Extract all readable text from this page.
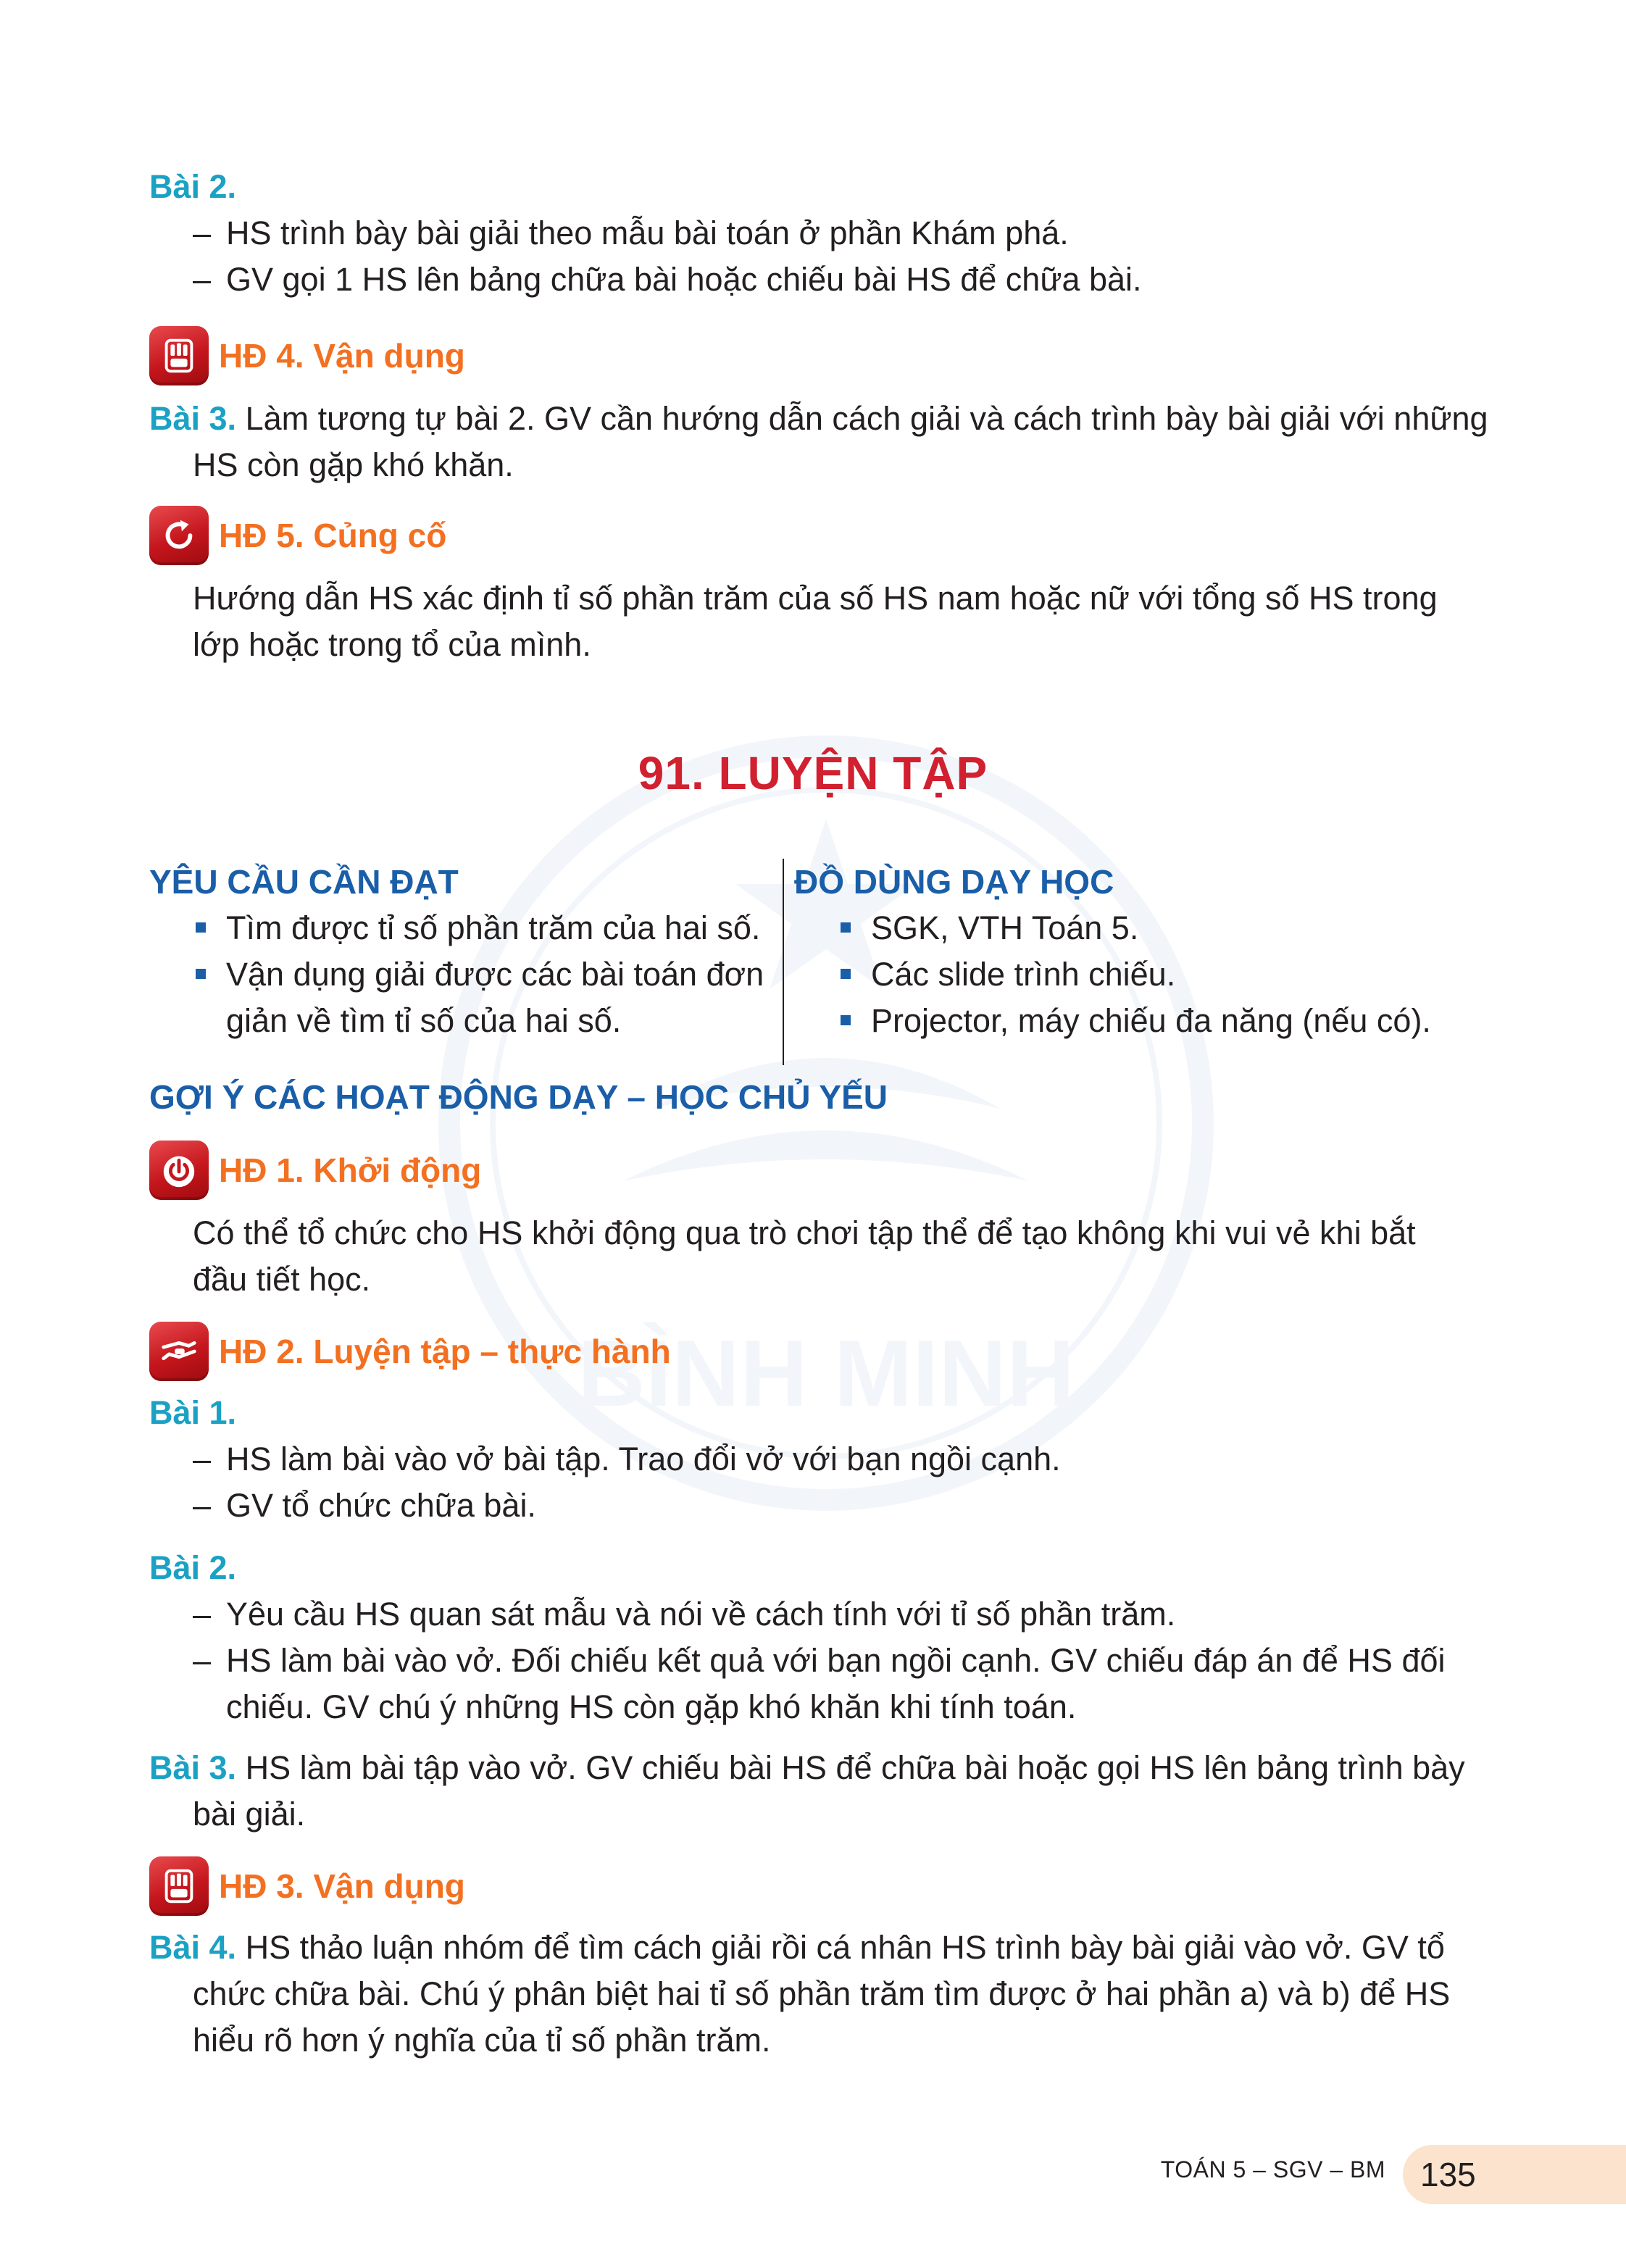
BÌNH MINH
Bài 2.
– HS trình bày bài giải theo mẫu bài toán ở phần Khám phá.
– GV gọi 1 HS lên bảng chữa bài hoặc chiếu bài HS để chữa bài.
HĐ 4. Vận dụng
Bài 3. Làm tương tự bài 2. GV cần hướng dẫn cách giải và cách trình bày bài giải với những
HS còn gặp khó khăn.
HĐ 5. Củng cố
Hướng dẫn HS xác định tỉ số phần trăm của số HS nam hoặc nữ với tổng số HS trong
lớp hoặc trong tổ của mình.
91. LUYỆN TẬP
YÊU CẦU CẦN ĐẠT
Tìm được tỉ số phần trăm của hai số.
Vận dụng giải được các bài toán đơn
giản về tìm tỉ số của hai số.
ĐỒ DÙNG DẠY HỌC
SGK, VTH Toán 5.
Các slide trình chiếu.
Projector, máy chiếu đa năng (nếu có).
GỢI Ý CÁC HOẠT ĐỘNG DẠY – HỌC CHỦ YẾU
HĐ 1. Khởi động
Có thể tổ chức cho HS khởi động qua trò chơi tập thể để tạo không khi vui vẻ khi bắt
đầu tiết học.
HĐ 2. Luyện tập – thực hành
Bài 1.
– HS làm bài vào vở bài tập. Trao đổi vở với bạn ngồi cạnh.
– GV tổ chức chữa bài.
Bài 2.
– Yêu cầu HS quan sát mẫu và nói về cách tính với tỉ số phần trăm.
– HS làm bài vào vở. Đối chiếu kết quả với bạn ngồi cạnh. GV chiếu đáp án để HS đối
chiếu. GV chú ý những HS còn gặp khó khăn khi tính toán.
Bài 3. HS làm bài tập vào vở. GV chiếu bài HS để chữa bài hoặc gọi HS lên bảng trình bày
bài giải.
HĐ 3. Vận dụng
Bài 4. HS thảo luận nhóm để tìm cách giải rồi cá nhân HS trình bày bài giải vào vở. GV tổ
chức chữa bài. Chú ý phân biệt hai tỉ số phần trăm tìm được ở hai phần a) và b) để HS
hiểu rõ hơn ý nghĩa của tỉ số phần trăm.
TOÁN 5 – SGV – BM 135
